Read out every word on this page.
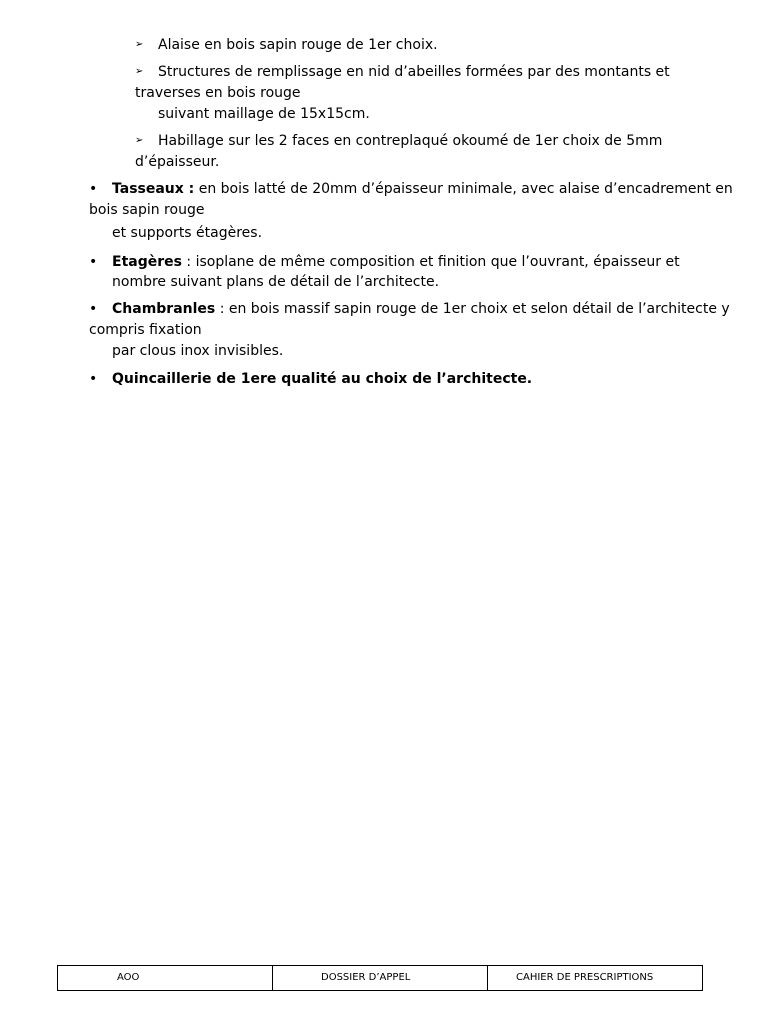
➢ Alaise en bois sapin rouge de 1er choix.
➢ Structures de remplissage en nid d’abeilles formées par des montants et
traverses en bois rouge
suivant maillage de 15x15cm.
➢ Habillage sur les 2 faces en contreplaqué okoumé de 1er choix de 5mm
d’épaisseur.
• Tasseaux : en bois latté de 20mm d’épaisseur minimale, avec alaise d’encadrement en
bois sapin rouge
et supports étagères.
• Etagères : isoplane de même composition et finition que l’ouvrant, épaisseur et
nombre suivant plans de détail de l’architecte.
• Chambranles : en bois massif sapin rouge de 1er choix et selon détail de l’architecte y
compris fixation
par clous inox invisibles.
• Quincaillerie de 1ere qualité au choix de l’architecte.
AOO	DOSSIER D’APPEL	CAHIER DE PRESCRIPTIONS
